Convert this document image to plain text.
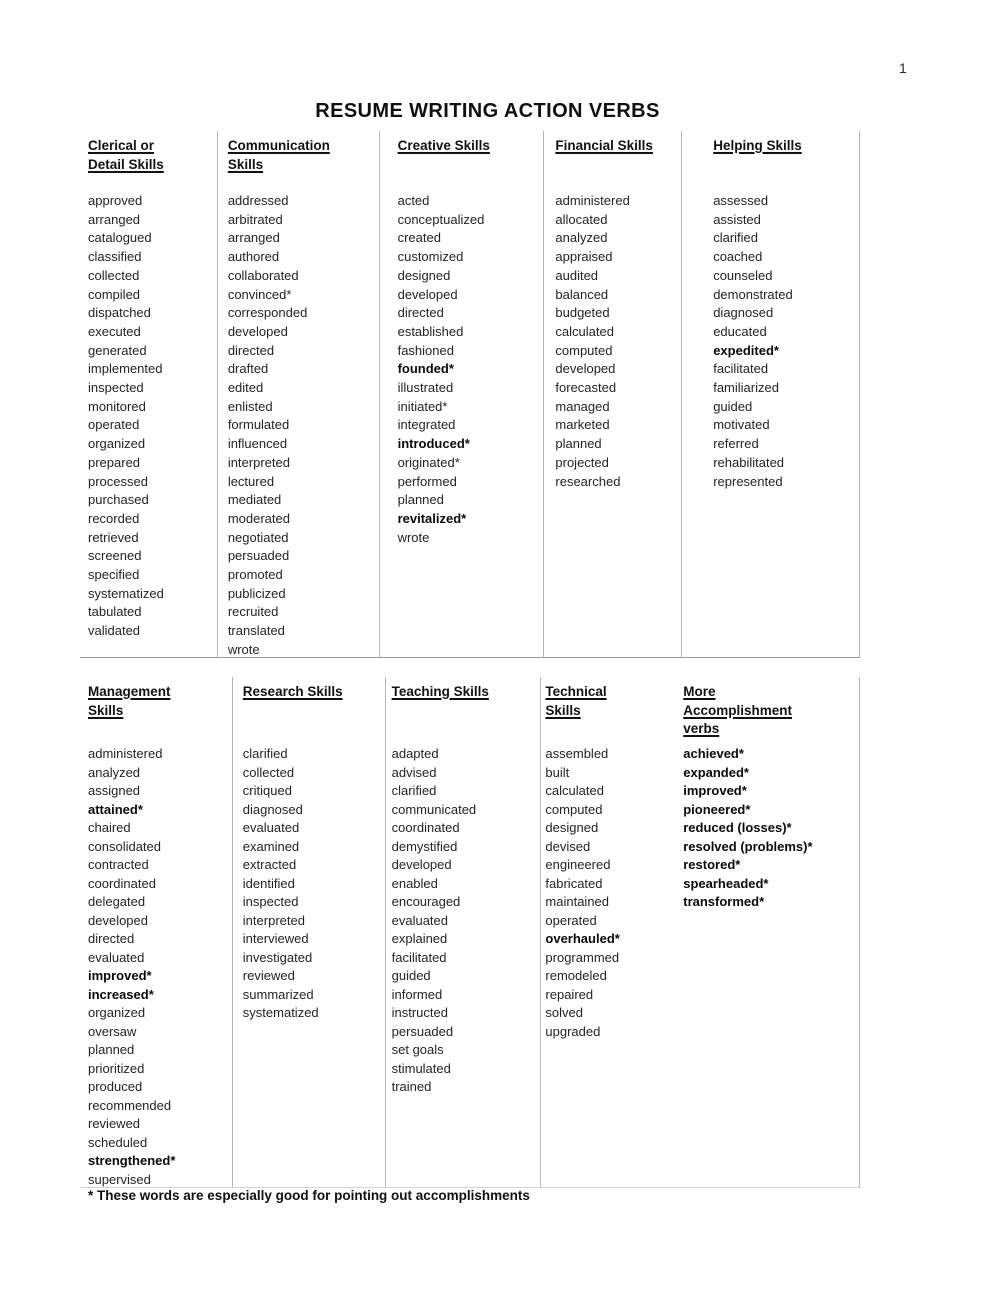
1
RESUME WRITING ACTION VERBS
Clerical or
Detail Skills
approved
arranged
catalogued
classified
collected
compiled
dispatched
executed
generated
implemented
inspected
monitored
operated
organized
prepared
processed
purchased
recorded
retrieved
screened
specified
systematized
tabulated
validated
Communication
Skills
addressed
arbitrated
arranged
authored
collaborated
convinced*
corresponded
developed
directed
drafted
edited
enlisted
formulated
influenced
interpreted
lectured
mediated
moderated
negotiated
persuaded
promoted
publicized
recruited
translated
wrote
Creative Skills
acted
conceptualized
created
customized
designed
developed
directed
established
fashioned
founded*
illustrated
initiated*
integrated
introduced*
originated*
performed
planned
revitalized*
wrote
Financial Skills
administered
allocated
analyzed
appraised
audited
balanced
budgeted
calculated
computed
developed
forecasted
managed
marketed
planned
projected
researched
Helping Skills
assessed
assisted
clarified
coached
counseled
demonstrated
diagnosed
educated
expedited*
facilitated
familiarized
guided
motivated
referred
rehabilitated
represented
Management
Skills
administered
analyzed
assigned
attained*
chaired
consolidated
contracted
coordinated
delegated
developed
directed
evaluated
improved*
increased*
organized
oversaw
planned
prioritized
produced
recommended
reviewed
scheduled
strengthened*
supervised
Research Skills
clarified
collected
critiqued
diagnosed
evaluated
examined
extracted
identified
inspected
interpreted
interviewed
investigated
reviewed
summarized
systematized
Teaching Skills
adapted
advised
clarified
communicated
coordinated
demystified
developed
enabled
encouraged
evaluated
explained
facilitated
guided
informed
instructed
persuaded
set goals
stimulated
trained
Technical
Skills
assembled
built
calculated
computed
designed
devised
engineered
fabricated
maintained
operated
overhauled*
programmed
remodeled
repaired
solved
upgraded
More
Accomplishment
verbs
achieved*
expanded*
improved*
pioneered*
reduced (losses)*
resolved (problems)*
restored*
spearheaded*
transformed*
* These words are especially good for pointing out accomplishments
